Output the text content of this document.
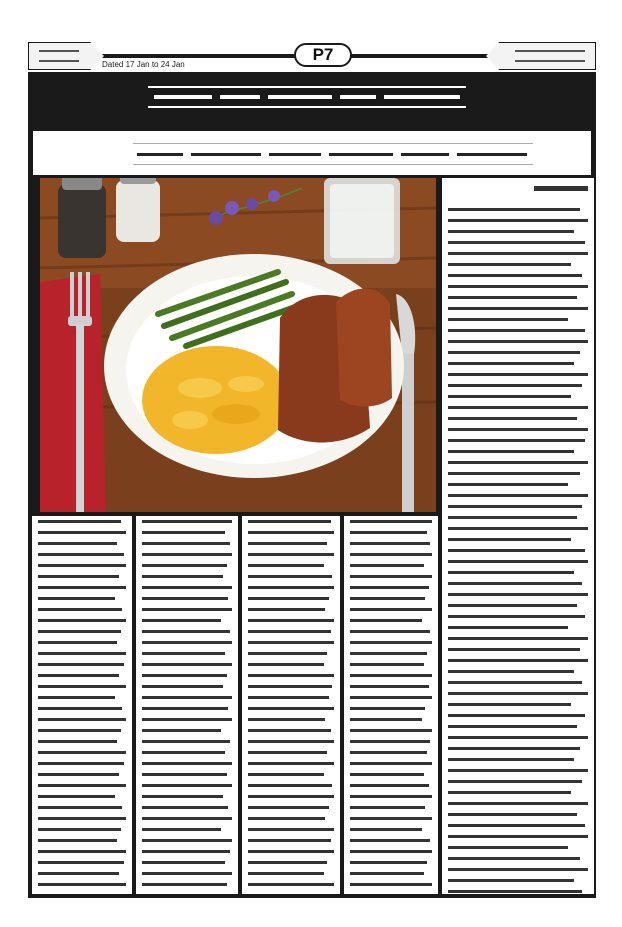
P7
Dated 17 Jan to 24 Jan
